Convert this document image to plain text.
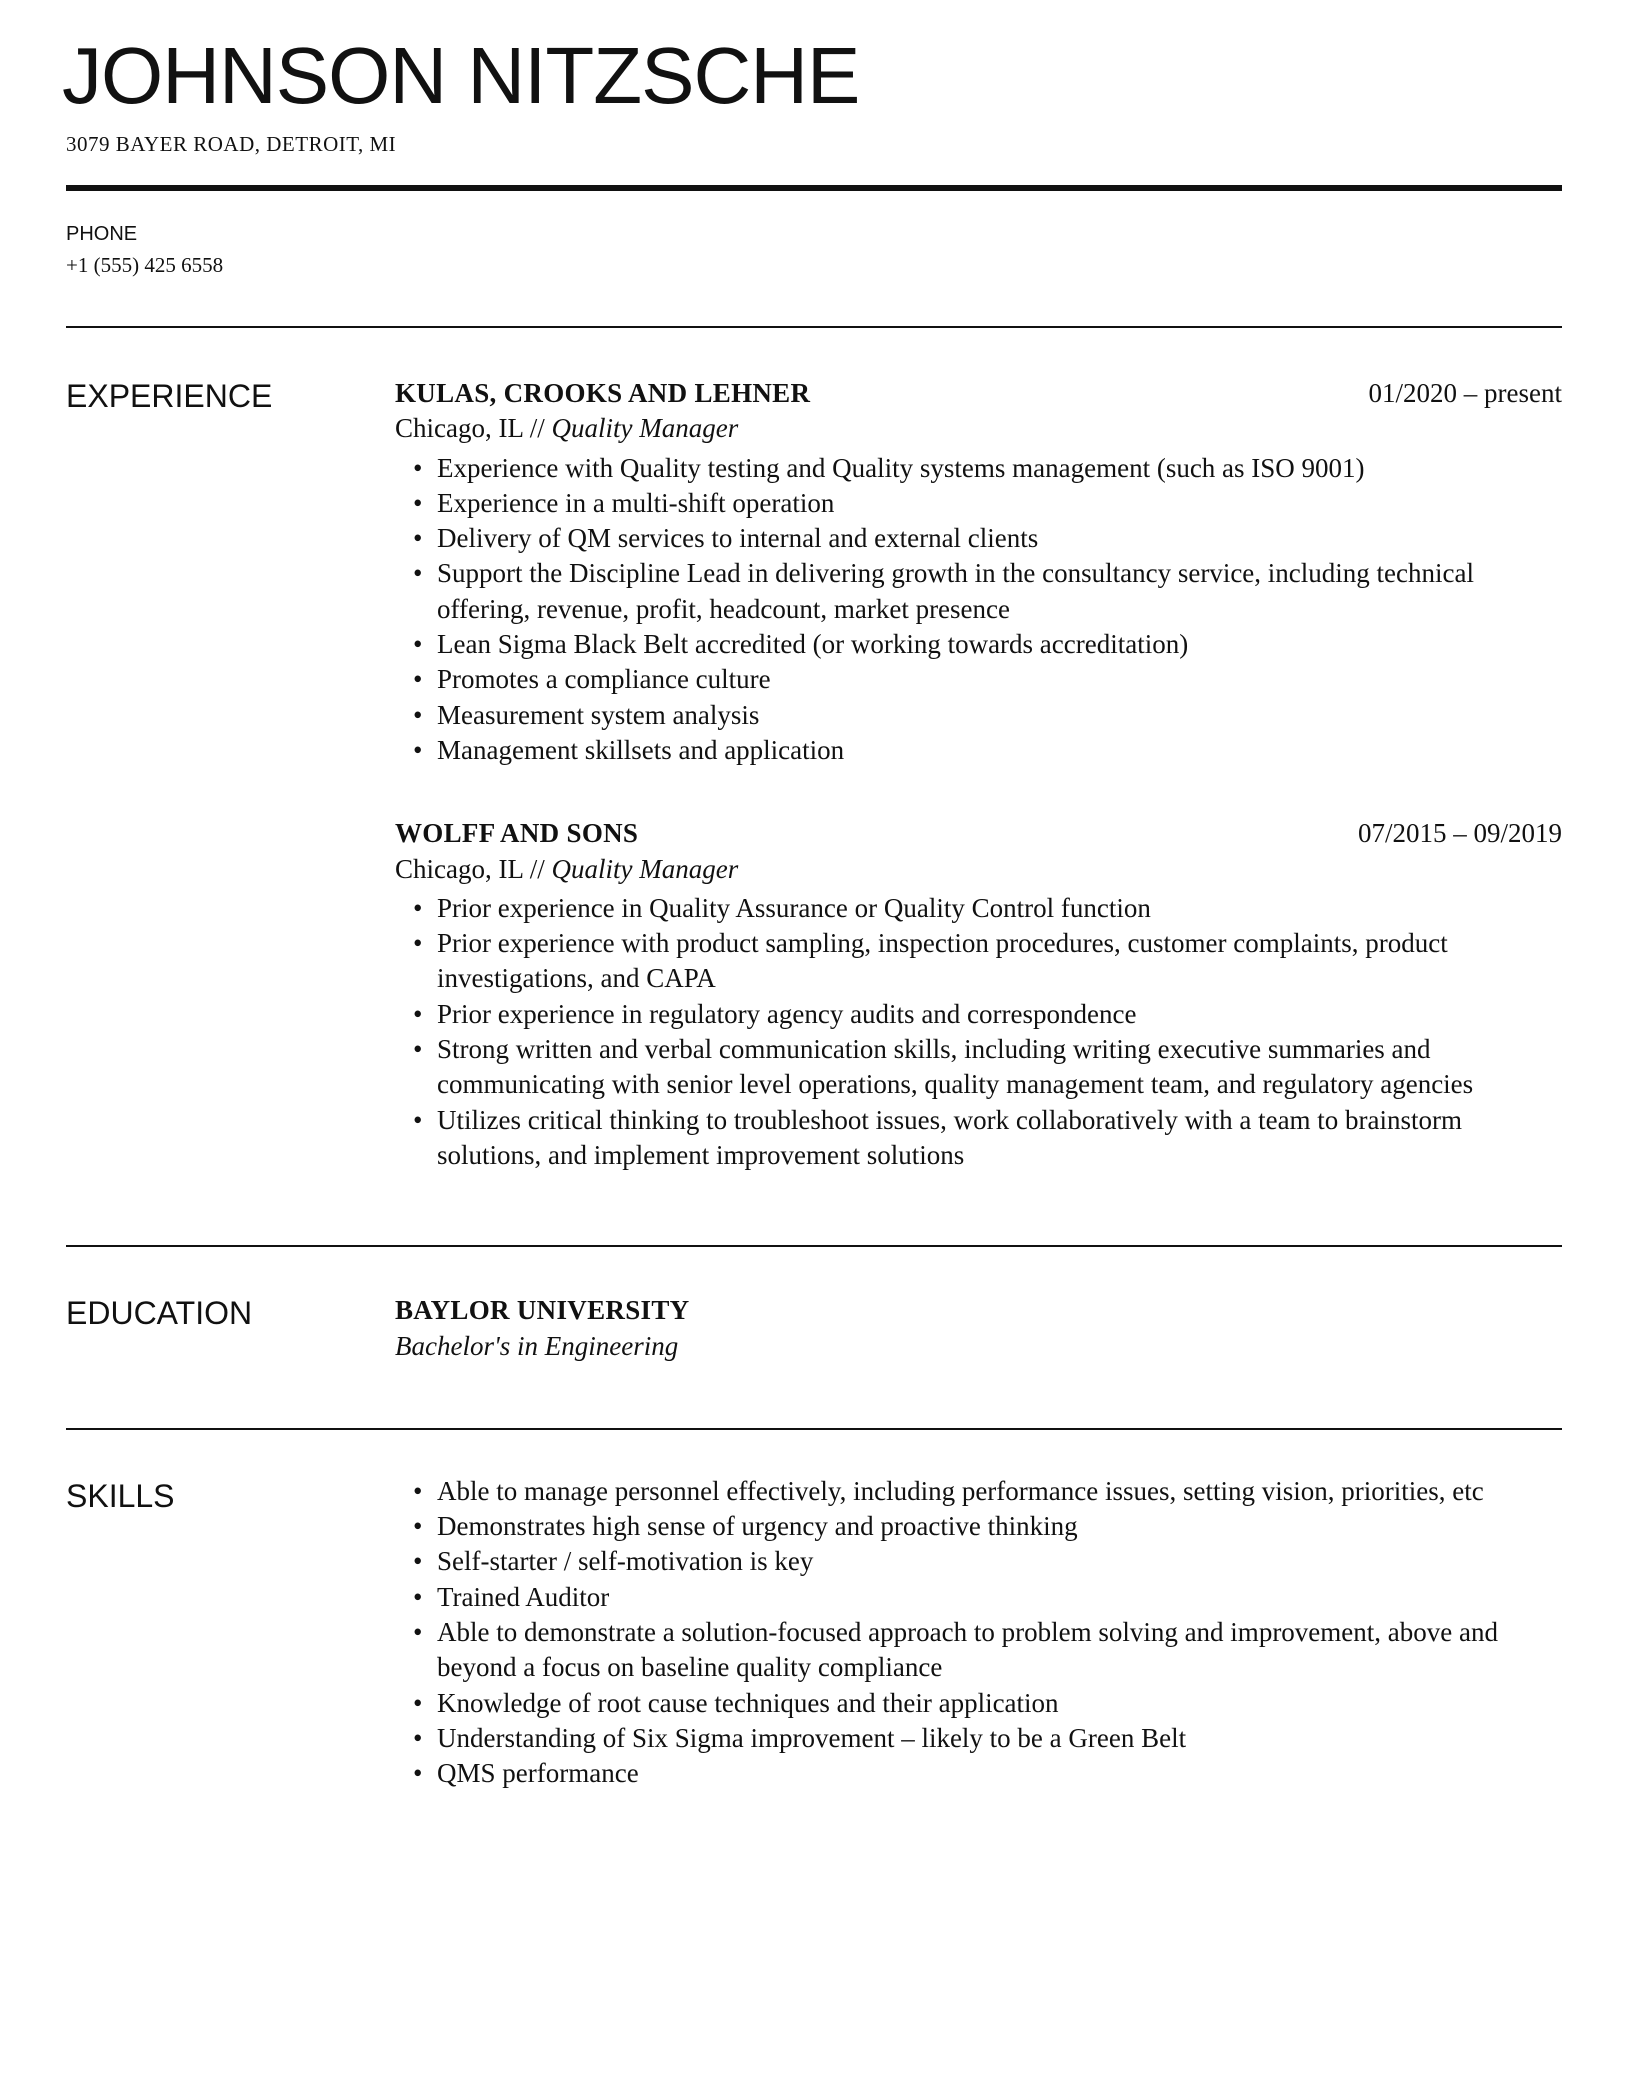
JOHNSON NITZSCHE
3079 BAYER ROAD, DETROIT, MI
PHONE
+1 (555) 425 6558
EXPERIENCE	KULAS, CROOKS AND LEHNER	01/2020 – present
Chicago, IL // Quality Manager
• Experience with Quality testing and Quality systems management (such as ISO 9001)
• Experience in a multi-shift operation
• Delivery of QM services to internal and external clients
• Support the Discipline Lead in delivering growth in the consultancy service, including technical offering, revenue, profit, headcount, market presence
• Lean Sigma Black Belt accredited (or working towards accreditation)
• Promotes a compliance culture
• Measurement system analysis
• Management skillsets and application
WOLFF AND SONS	07/2015 – 09/2019
Chicago, IL // Quality Manager
• Prior experience in Quality Assurance or Quality Control function
• Prior experience with product sampling, inspection procedures, customer complaints, product investigations, and CAPA
• Prior experience in regulatory agency audits and correspondence
• Strong written and verbal communication skills, including writing executive summaries and communicating with senior level operations, quality management team, and regulatory agencies
• Utilizes critical thinking to troubleshoot issues, work collaboratively with a team to brainstorm solutions, and implement improvement solutions
EDUCATION	BAYLOR UNIVERSITY
Bachelor's in Engineering
SKILLS
•	Able to manage personnel effectively, including performance issues, setting vision, priorities, etc
• Demonstrates high sense of urgency and proactive thinking
• Self-starter / self-motivation is key
• Trained Auditor
• Able to demonstrate a solution-focused approach to problem solving and improvement, above and beyond a focus on baseline quality compliance
• Knowledge of root cause techniques and their application
• Understanding of Six Sigma improvement – likely to be a Green Belt
• QMS performance
